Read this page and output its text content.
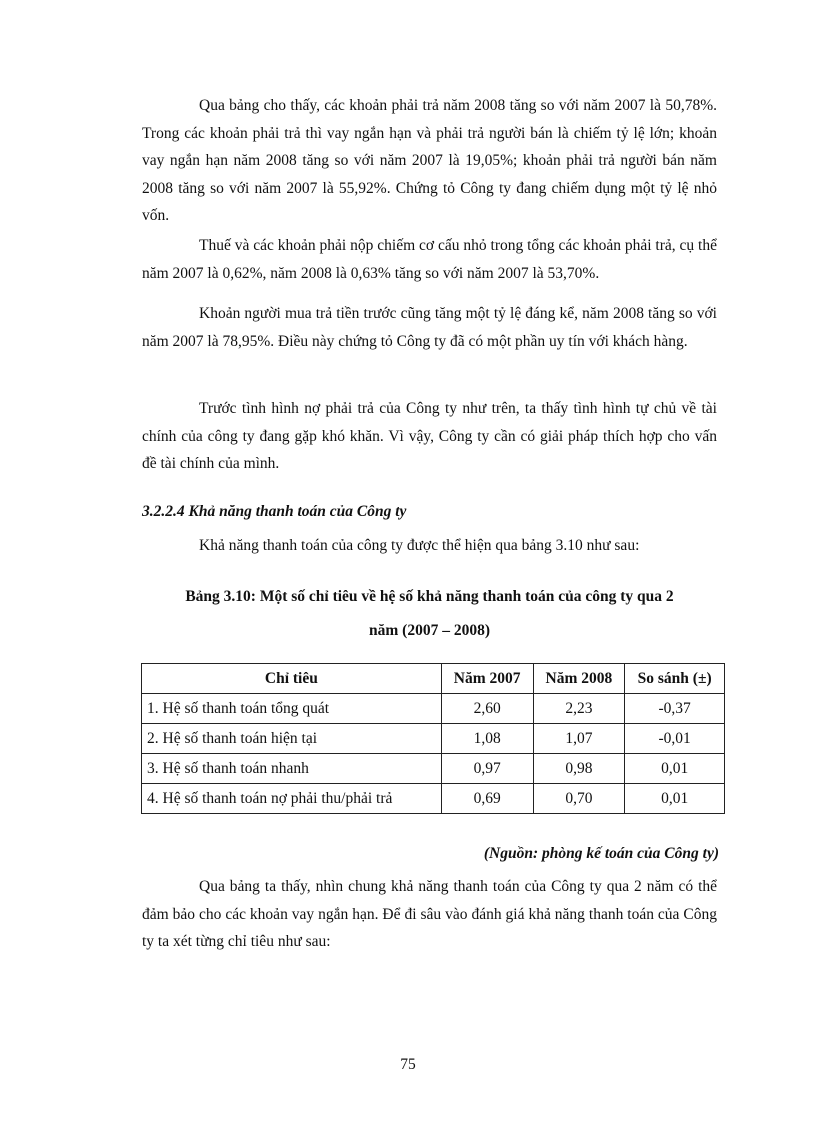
Qua bảng cho thấy, các khoản phải trả năm 2008 tăng so với năm 2007 là 50,78%. Trong các khoản phải trả thì vay ngắn hạn và phải trả người bán là chiếm tỷ lệ lớn; khoản vay ngắn hạn năm 2008 tăng so với năm 2007 là 19,05%; khoản phải trả người bán năm 2008 tăng so với năm 2007 là 55,92%. Chứng tỏ Công ty đang chiếm dụng một tỷ lệ nhỏ vốn.

Thuế và các khoản phải nộp chiếm cơ cấu nhỏ trong tổng các khoản phải trả, cụ thể năm 2007 là 0,62%, năm 2008 là 0,63% tăng so với năm 2007 là 53,70%.

Khoản người mua trả tiền trước cũng tăng một tỷ lệ đáng kể, năm 2008 tăng so với năm 2007 là 78,95%. Điều này chứng tỏ Công ty đã có một phần uy tín với khách hàng.

Trước tình hình nợ phải trả của Công ty như trên, ta thấy tình hình tự chủ về tài chính của công ty đang gặp khó khăn. Vì vậy, Công ty cần có giải pháp thích hợp cho vấn đề tài chính của mình.

3.2.2.4 Khả năng thanh toán của Công ty

Khả năng thanh toán của công ty được thể hiện qua bảng 3.10 như sau:

Bảng 3.10: Một số chỉ tiêu về hệ số khả năng thanh toán của công ty qua 2
năm (2007 – 2008)
Chỉ tiêu	Năm 2007	Năm 2008	So sánh (±)
1. Hệ số thanh toán tổng quát	2,60	2,23	-0,37
2. Hệ số thanh toán hiện tại	1,08	1,07	-0,01
3. Hệ số thanh toán nhanh	0,97	0,98	0,01
4. Hệ số thanh toán nợ phải thu/phải trả	0,69	0,70	0,01

(Nguồn: phòng kế toán của Công ty)

Qua bảng ta thấy, nhìn chung khả năng thanh toán của Công ty qua 2 năm có thể đảm bảo cho các khoản vay ngắn hạn. Để đi sâu vào đánh giá khả năng thanh toán của Công ty ta xét từng chỉ tiêu như sau:

75
